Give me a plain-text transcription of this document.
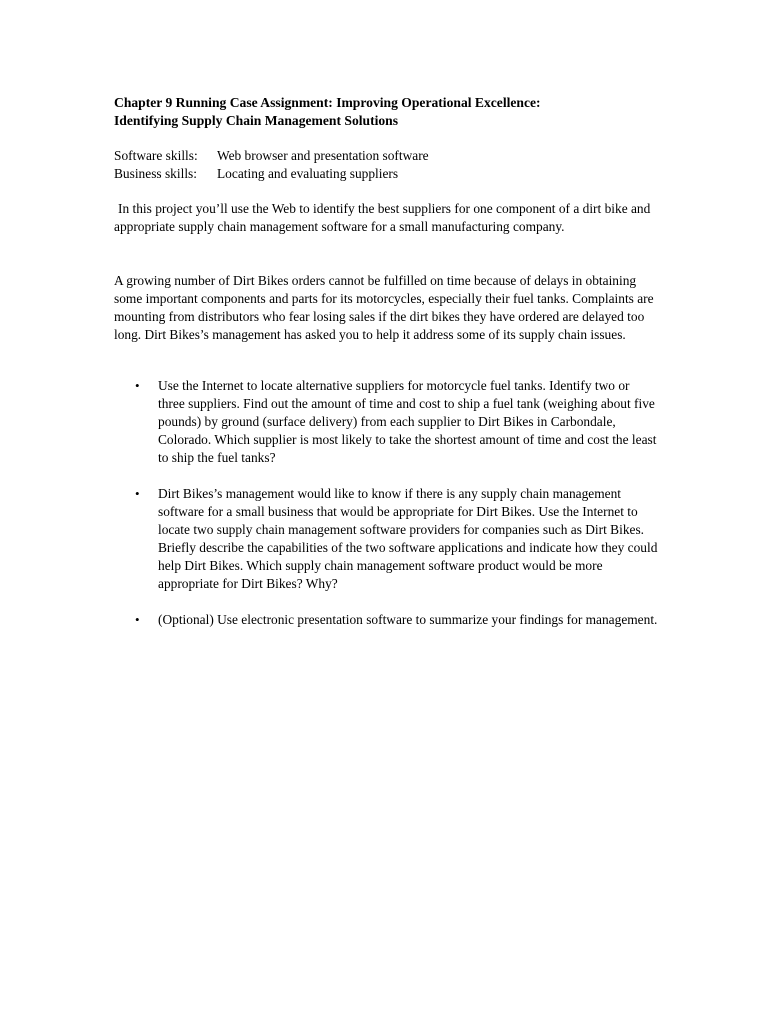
Chapter 9 Running Case Assignment: Improving Operational Excellence:
Identifying Supply Chain Management Solutions
Software skills:	Web browser and presentation software
Business skills:	Locating and evaluating suppliers

In this project you’ll use the Web to identify the best suppliers for one component of a dirt bike and appropriate supply chain management software for a small manufacturing company.

A growing number of Dirt Bikes orders cannot be fulfilled on time because of delays in obtaining some important components and parts for its motorcycles, especially their fuel tanks. Complaints are mounting from distributors who fear losing sales if the dirt bikes they have ordered are delayed too long. Dirt Bikes’s management has asked you to help it address some of its supply chain issues.

• Use the Internet to locate alternative suppliers for motorcycle fuel tanks. Identify two or three suppliers. Find out the amount of time and cost to ship a fuel tank (weighing about five pounds) by ground (surface delivery) from each supplier to Dirt Bikes in Carbondale, Colorado. Which supplier is most likely to take the shortest amount of time and cost the least to ship the fuel tanks?
• Dirt Bikes’s management would like to know if there is any supply chain management software for a small business that would be appropriate for Dirt Bikes. Use the Internet to locate two supply chain management software providers for companies such as Dirt Bikes. Briefly describe the capabilities of the two software applications and indicate how they could help Dirt Bikes. Which supply chain management software product would be more appropriate for Dirt Bikes? Why?
• (Optional) Use electronic presentation software to summarize your findings for management.
